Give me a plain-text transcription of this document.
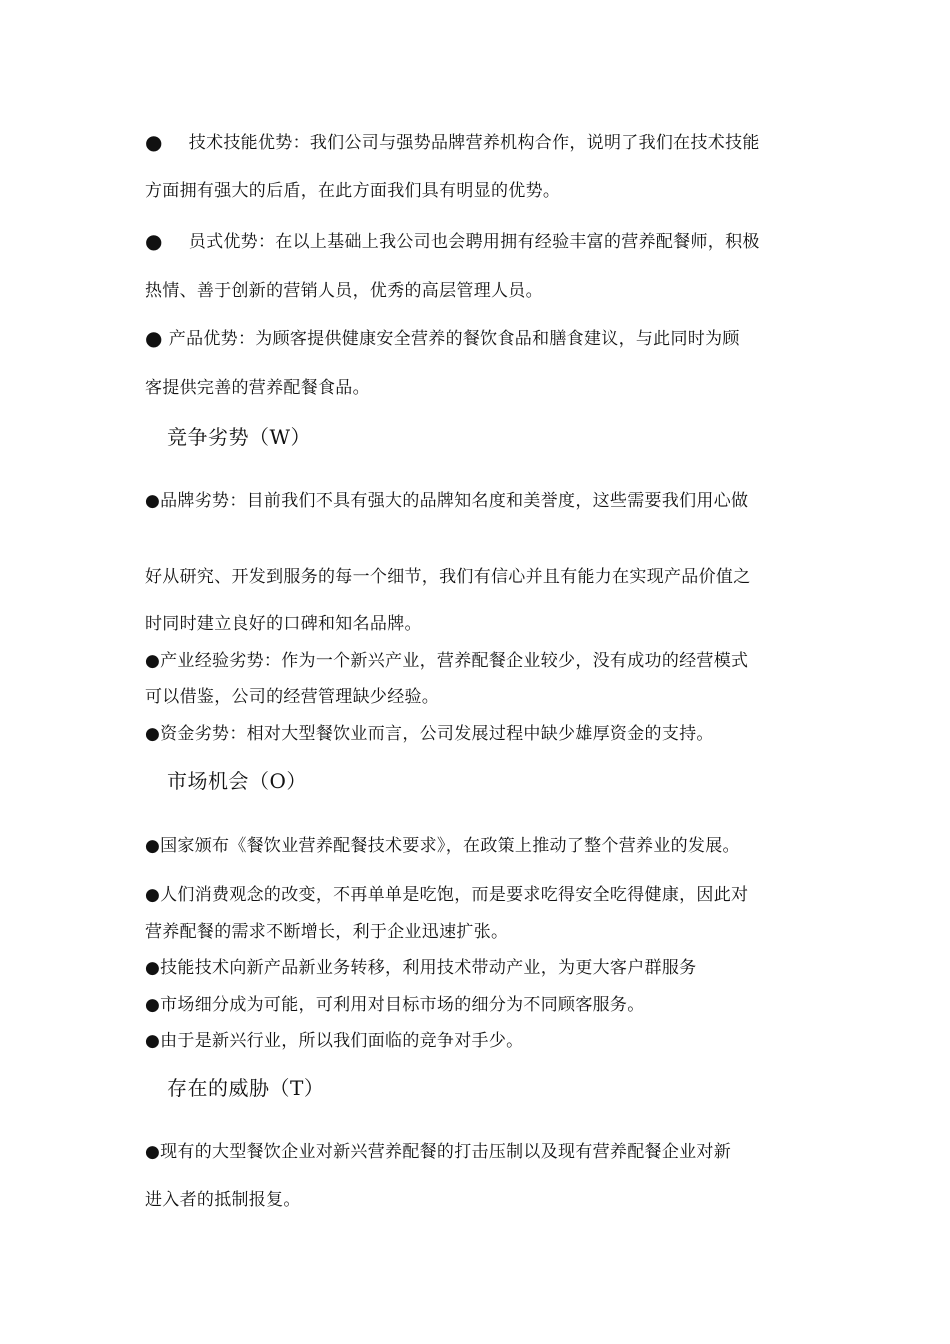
● 技术技能优势：我们公司与强势品牌营养机构合作，说明了我们在技术技能
方面拥有强大的后盾，在此方面我们具有明显的优势。
● 员式优势：在以上基础上我公司也会聘用拥有经验丰富的营养配餐师，积极
热情、善于创新的营销人员，优秀的高层管理人员。
● 产品优势：为顾客提供健康安全营养的餐饮食品和膳食建议，与此同时为顾
客提供完善的营养配餐食品。
竞争劣势（W）
●品牌劣势：目前我们不具有强大的品牌知名度和美誉度，这些需要我们用心做
好从研究、开发到服务的每一个细节，我们有信心并且有能力在实现产品价值之
时同时建立良好的口碑和知名品牌。
●产业经验劣势：作为一个新兴产业，营养配餐企业较少，没有成功的经营模式
可以借鉴，公司的经营管理缺少经验。
●资金劣势：相对大型餐饮业而言，公司发展过程中缺少雄厚资金的支持。
市场机会（O）
●国家颁布《餐饮业营养配餐技术要求》，在政策上推动了整个营养业的发展。
●人们消费观念的改变，不再单单是吃饱，而是要求吃得安全吃得健康，因此对
营养配餐的需求不断增长，利于企业迅速扩张。
●技能技术向新产品新业务转移，利用技术带动产业，为更大客户群服务
●市场细分成为可能，可利用对目标市场的细分为不同顾客服务。
●由于是新兴行业，所以我们面临的竞争对手少。
存在的威胁（T）
●现有的大型餐饮企业对新兴营养配餐的打击压制以及现有营养配餐企业对新
进入者的抵制报复。
